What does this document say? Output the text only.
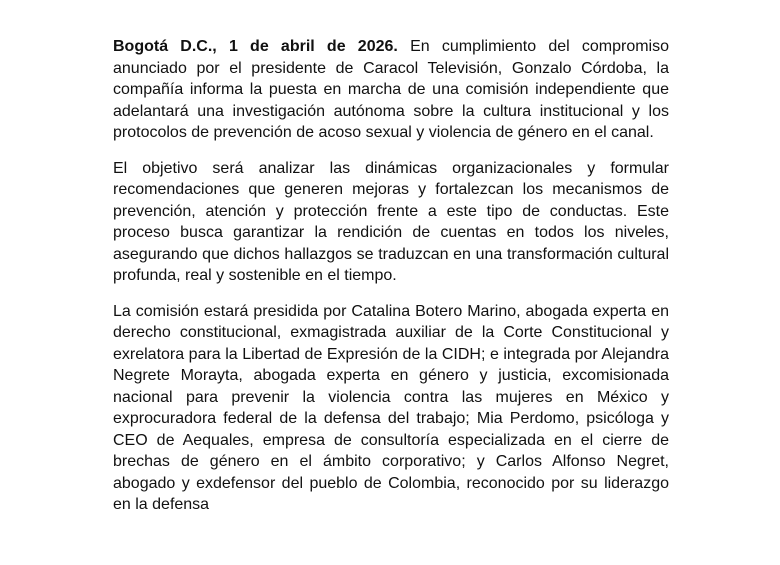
Bogotá D.C., 1 de abril de 2026. En cumplimiento del compromiso anunciado por el presidente de Caracol Televisión, Gonzalo Córdoba, la compañía informa la puesta en marcha de una comisión independiente que adelantará una investigación autónoma sobre la cultura institucional y los protocolos de prevención de acoso sexual y violencia de género en el canal.

El objetivo será analizar las dinámicas organizacionales y formular recomendaciones que generen mejoras y fortalezcan los mecanismos de prevención, atención y protección frente a este tipo de conductas. Este proceso busca garantizar la rendición de cuentas en todos los niveles, asegurando que dichos hallazgos se traduzcan en una transformación cultural profunda, real y sostenible en el tiempo.

La comisión estará presidida por Catalina Botero Marino, abogada experta en derecho constitucional, exmagistrada auxiliar de la Corte Constitucional y exrelatora para la Libertad de Expresión de la CIDH; e integrada por Alejandra Negrete Morayta, abogada experta en género y justicia, excomisionada nacional para prevenir la violencia contra las mujeres en México y exprocuradora federal de la defensa del trabajo; Mia Perdomo, psicóloga y CEO de Aequales, empresa de consultoría especializada en el cierre de brechas de género en el ámbito corporativo; y Carlos Alfonso Negret, abogado y exdefensor del pueblo de Colombia, reconocido por su liderazgo en la defensa
